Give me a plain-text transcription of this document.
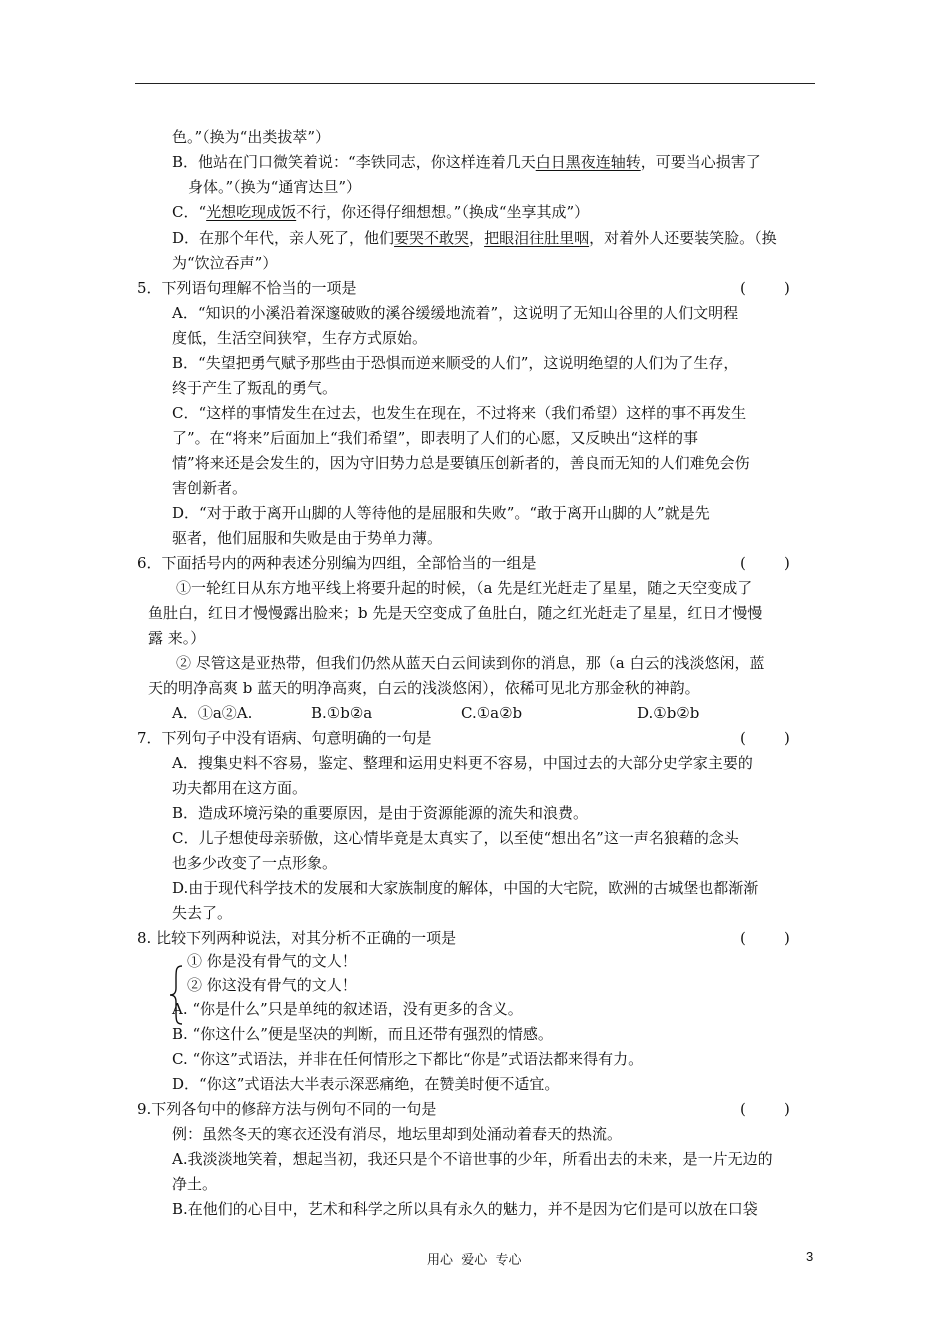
色。”（换为“出类拔萃”）
B．他站在门口微笑着说：“李铁同志，你这样连着几天白日黑夜连轴转，可要当心损害了
身体。”（换为“通宵达旦”）
C．“光想吃现成饭不行，你还得仔细想想。”（换成“坐享其成”）
D．在那个年代，亲人死了，他们要哭不敢哭，把眼泪往肚里咽，对着外人还要装笑脸。（换
为“饮泣吞声”）
5．下列语句理解不恰当的一项是	(        )
A．“知识的小溪沿着深邃破败的溪谷缓缓地流着”，这说明了无知山谷里的人们文明程
度低，生活空间狭窄，生存方式原始。
B．“失望把勇气赋予那些由于恐惧而逆来顺受的人们”，这说明绝望的人们为了生存，
终于产生了叛乱的勇气。
C．“这样的事情发生在过去，也发生在现在，不过将来（我们希望）这样的事不再发生
了”。在“将来”后面加上“我们希望”，即表明了人们的心愿，又反映出“这样的事
情”将来还是会发生的，因为守旧势力总是要镇压创新者的，善良而无知的人们难免会伤
害创新者。
D．“对于敢于离开山脚的人等待他的是屈服和失败”。“敢于离开山脚的人”就是先
驱者，他们屈服和失败是由于势单力薄。
6．下面括号内的两种表述分别编为四组，全部恰当的一组是	(        )
①一轮红日从东方地平线上将要升起的时候，（a 先是红光赶走了星星，随之天空变成了
鱼肚白，红日才慢慢露出脸来；b 先是天空变成了鱼肚白，随之红光赶走了星星，红日才慢慢
露 来。）
② 尽管这是亚热带，但我们仍然从蓝天白云间读到你的消息，那（a 白云的浅淡悠闲，蓝
天的明净高爽 b 蓝天的明净高爽，白云的浅淡悠闲），依稀可见北方那金秋的神韵。
A．①a②A.	B.①b②a	C.①a②b	D.①b②b
7．下列句子中没有语病、句意明确的一句是	(        )
A．搜集史料不容易，鉴定、整理和运用史料更不容易，中国过去的大部分史学家主要的
功夫都用在这方面。
B．造成环境污染的重要原因，是由于资源能源的流失和浪费。
C．儿子想使母亲骄傲，这心情毕竟是太真实了，以至使“想出名”这一声名狼藉的念头
也多少改变了一点形象。
D.由于现代科学技术的发展和大家族制度的解体，中国的大宅院，欧洲的古城堡也都渐渐
失去了。
8. 比较下列两种说法，对其分析不正确的一项是	(        )
① 你是没有骨气的文人！
② 你这没有骨气的文人！
A. “你是什么”只是单纯的叙述语，没有更多的含义。
B. “你这什么”便是坚决的判断，而且还带有强烈的情感。
C. “你这”式语法，并非在任何情形之下都比“你是”式语法都来得有力。
D．“你这”式语法大半表示深恶痛绝，在赞美时便不适宜。
9.下列各句中的修辞方法与例句不同的一句是	(        )
例：虽然冬天的寒衣还没有消尽，地坛里却到处涌动着春天的热流。
A.我淡淡地笑着，想起当初，我还只是个不谙世事的少年，所看出去的未来，是一片无边的
净土。
B.在他们的心目中，艺术和科学之所以具有永久的魅力，并不是因为它们是可以放在口袋
用心  爱心  专心	3
